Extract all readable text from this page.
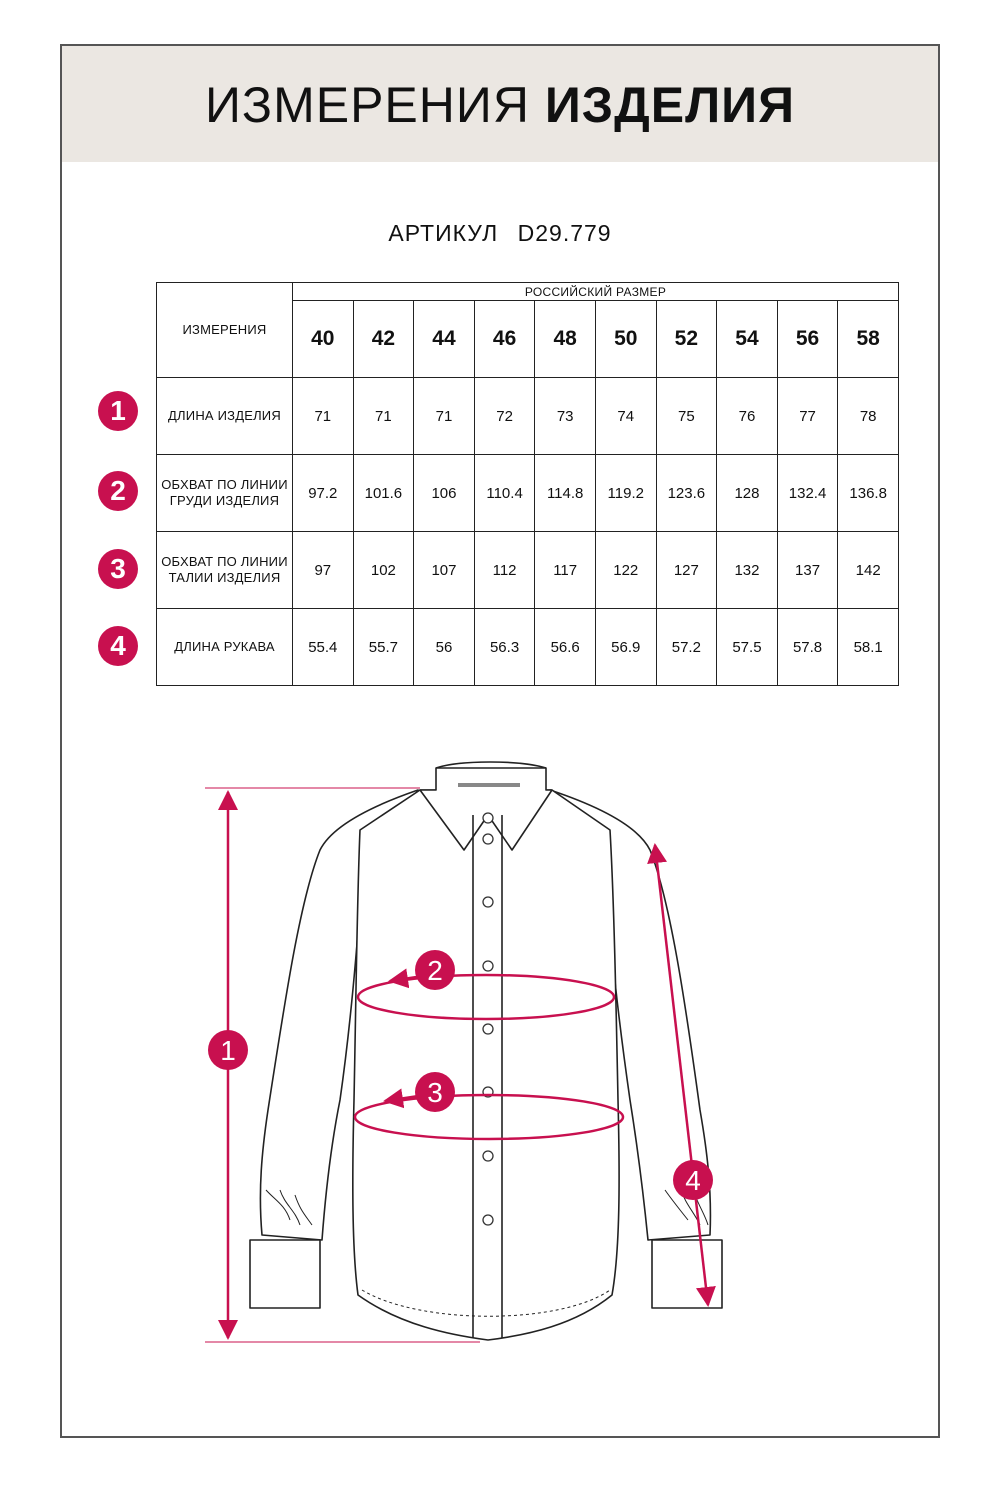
ИЗМЕРЕНИЯ ИЗДЕЛИЯ
АРТИКУЛ D29.779
1
2
3
4
ИЗМЕРЕНИЯ	РОССИЙСКИЙ РАЗМЕР									
	40	42	44	46	48	50	52	54	56	58
ДЛИНА ИЗДЕЛИЯ	71	71	71	72	73	74	75	76	77	78
ОБХВАТ ПО ЛИНИИ ГРУДИ ИЗДЕЛИЯ	97.2	101.6	106	110.4	114.8	119.2	123.6	128	132.4	136.8
ОБХВАТ ПО ЛИНИИ ТАЛИИ ИЗДЕЛИЯ	97	102	107	112	117	122	127	132	137	142
ДЛИНА РУКАВА	55.4	55.7	56	56.3	56.6	56.9	57.2	57.5	57.8	58.1
1
2
3
4
